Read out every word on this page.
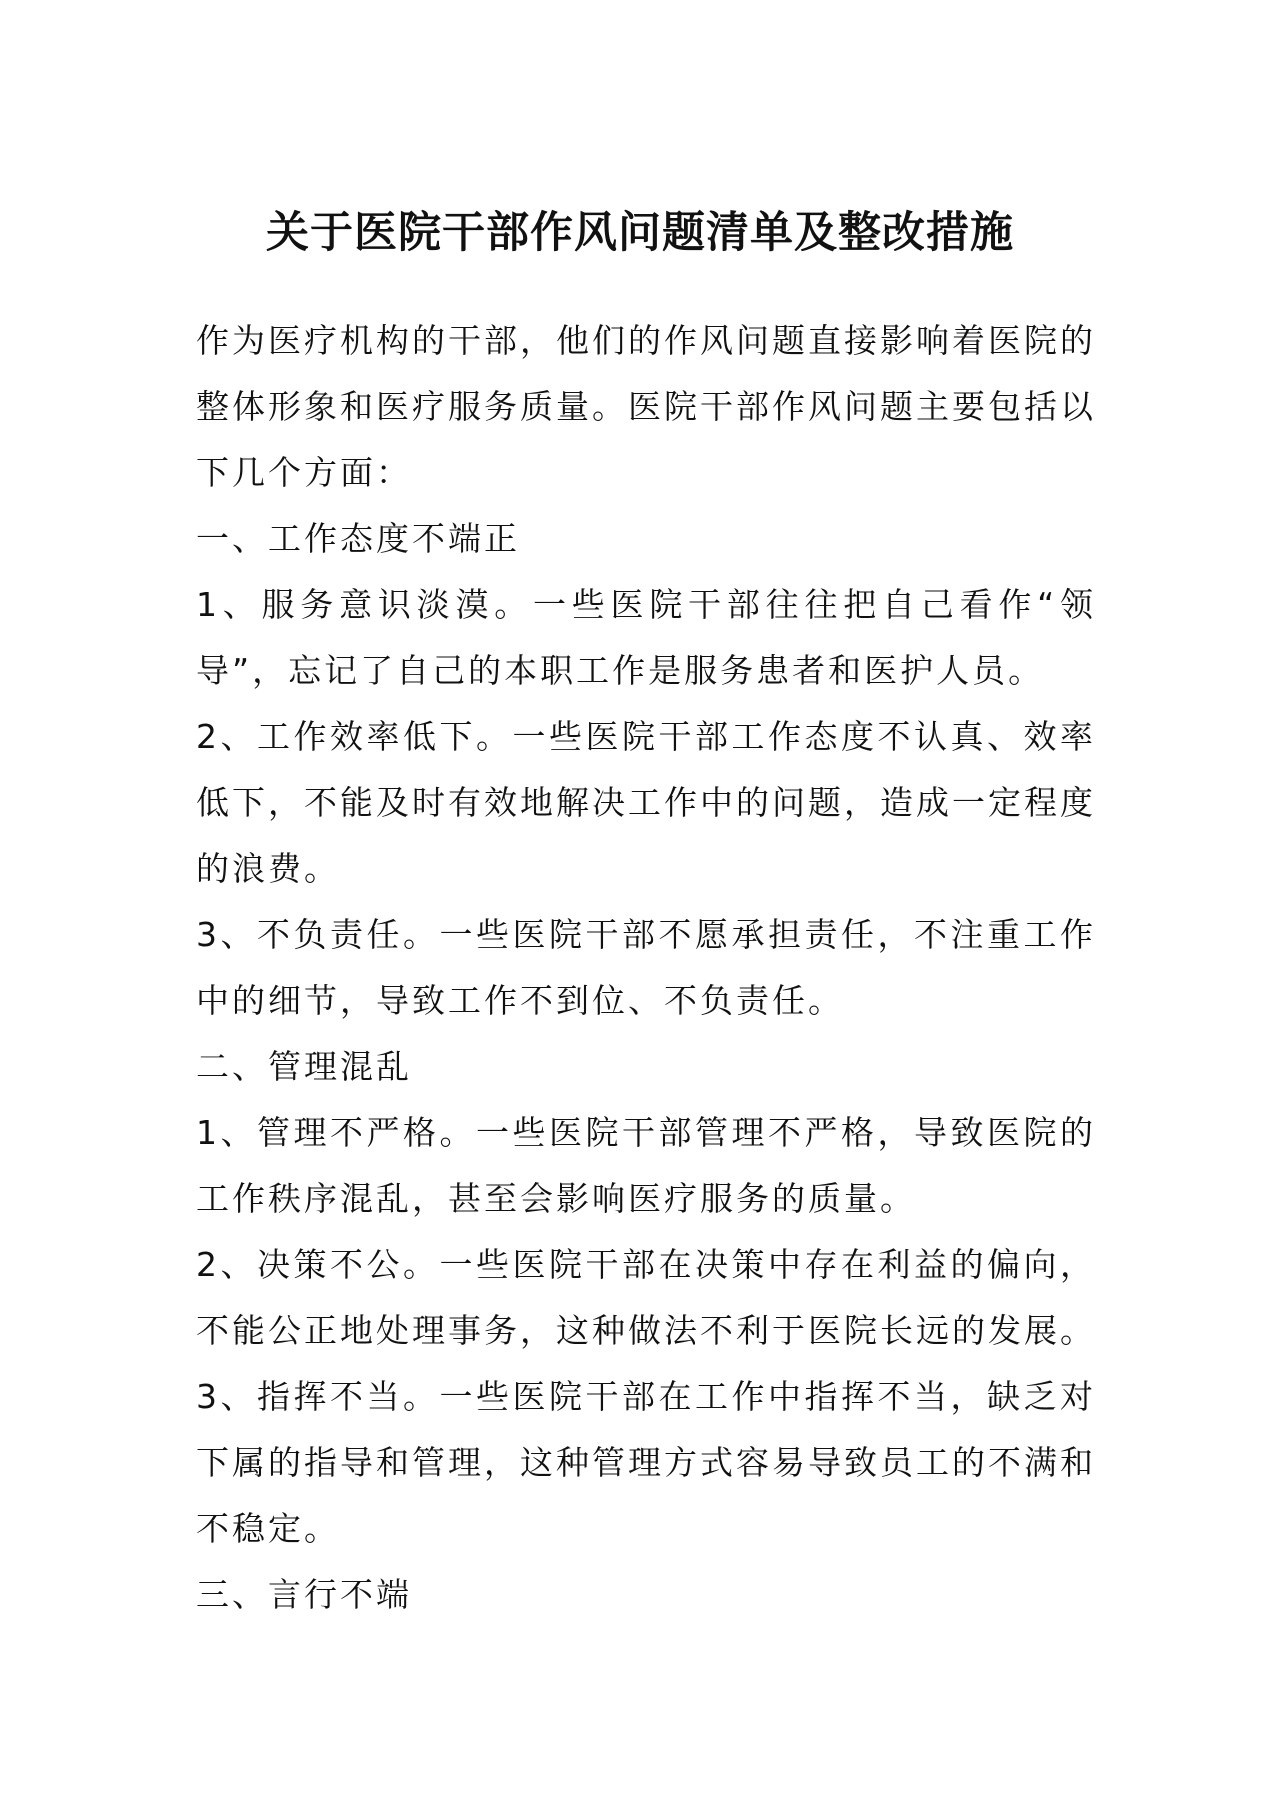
关于医院干部作风问题清单及整改措施

作为医疗机构的干部，他们的作风问题直接影响着医院的整体形象和医疗服务质量。医院干部作风问题主要包括以下几个方面：

一、工作态度不端正

1、服务意识淡漠。一些医院干部往往把自己看作“领导”，忘记了自己的本职工作是服务患者和医护人员。

2、工作效率低下。一些医院干部工作态度不认真、效率低下，不能及时有效地解决工作中的问题，造成一定程度的浪费。

3、不负责任。一些医院干部不愿承担责任，不注重工作中的细节，导致工作不到位、不负责任。

二、管理混乱

1、管理不严格。一些医院干部管理不严格，导致医院的工作秩序混乱，甚至会影响医疗服务的质量。

2、决策不公。一些医院干部在决策中存在利益的偏向，不能公正地处理事务，这种做法不利于医院长远的发展。

3、指挥不当。一些医院干部在工作中指挥不当，缺乏对下属的指导和管理，这种管理方式容易导致员工的不满和不稳定。

三、言行不端
